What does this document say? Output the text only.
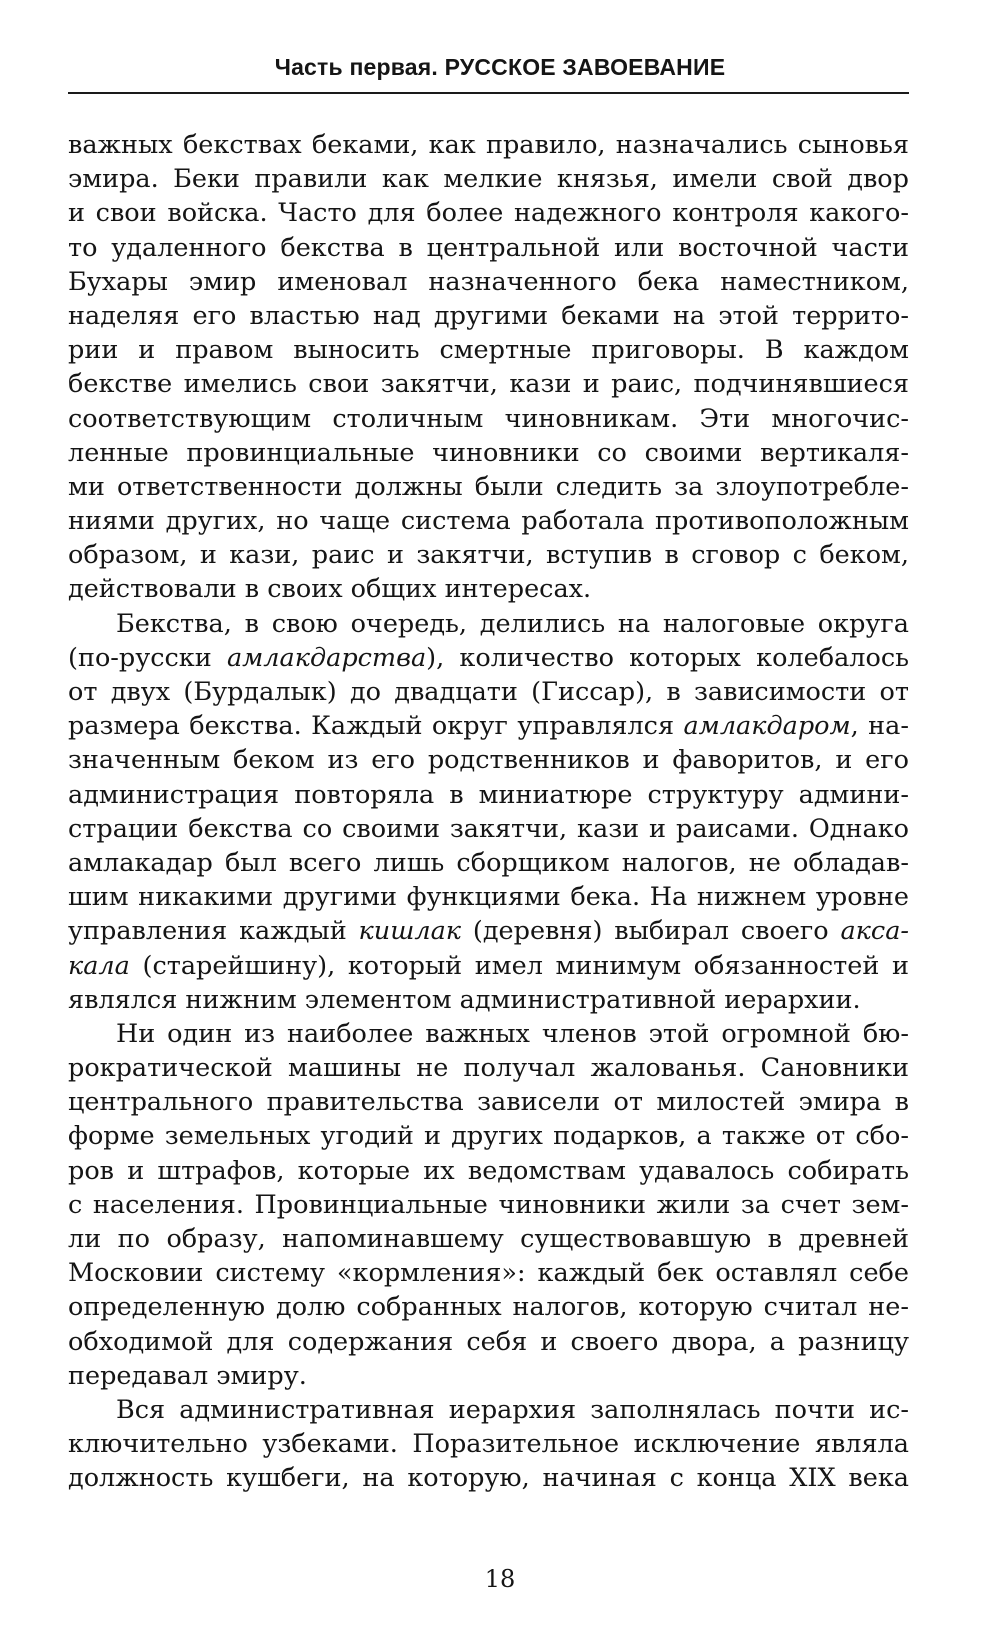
Часть первая. РУССКОЕ ЗАВОЕВАНИЕ
важных бекствах беками, как правило, назначались сыновья
эмира. Беки правили как мелкие князья, имели свой двор
и свои войска. Часто для более надежного контроля какого-
то удаленного бекства в центральной или восточной части
Бухары эмир именовал назначенного бека наместником,
наделяя его властью над другими беками на этой террито-
рии и правом выносить смертные приговоры. В каждом
бекстве имелись свои закятчи, кази и раис, подчинявшиеся
соответствующим столичным чиновникам. Эти многочис-
ленные провинциальные чиновники со своими вертикаля-
ми ответственности должны были следить за злоупотребле-
ниями других, но чаще система работала противоположным
образом, и кази, раис и закятчи, вступив в сговор с беком,
действовали в своих общих интересах.
Бекства, в свою очередь, делились на налоговые округа
(по-русски амлакдарства), количество которых колебалось
от двух (Бурдалык) до двадцати (Гиссар), в зависимости от
размера бекства. Каждый округ управлялся амлакдаром, на-
значенным беком из его родственников и фаворитов, и его
администрация повторяла в миниатюре структуру админи-
страции бекства со своими закятчи, кази и раисами. Однако
амлакадар был всего лишь сборщиком налогов, не обладав-
шим никакими другими функциями бека. На нижнем уровне
управления каждый кишлак (деревня) выбирал своего акса-
кала (старейшину), который имел минимум обязанностей и
являлся нижним элементом административной иерархии.
Ни один из наиболее важных членов этой огромной бю-
рократической машины не получал жалованья. Сановники
центрального правительства зависели от милостей эмира в
форме земельных угодий и других подарков, а также от сбо-
ров и штрафов, которые их ведомствам удавалось собирать
с населения. Провинциальные чиновники жили за счет зем-
ли по образу, напоминавшему существовавшую в древней
Московии систему «кормления»: каждый бек оставлял себе
определенную долю собранных налогов, которую считал не-
обходимой для содержания себя и своего двора, а разницу
передавал эмиру.
Вся административная иерархия заполнялась почти ис-
ключительно узбеками. Поразительное исключение являла
должность кушбеги, на которую, начиная с конца XIX века
18
